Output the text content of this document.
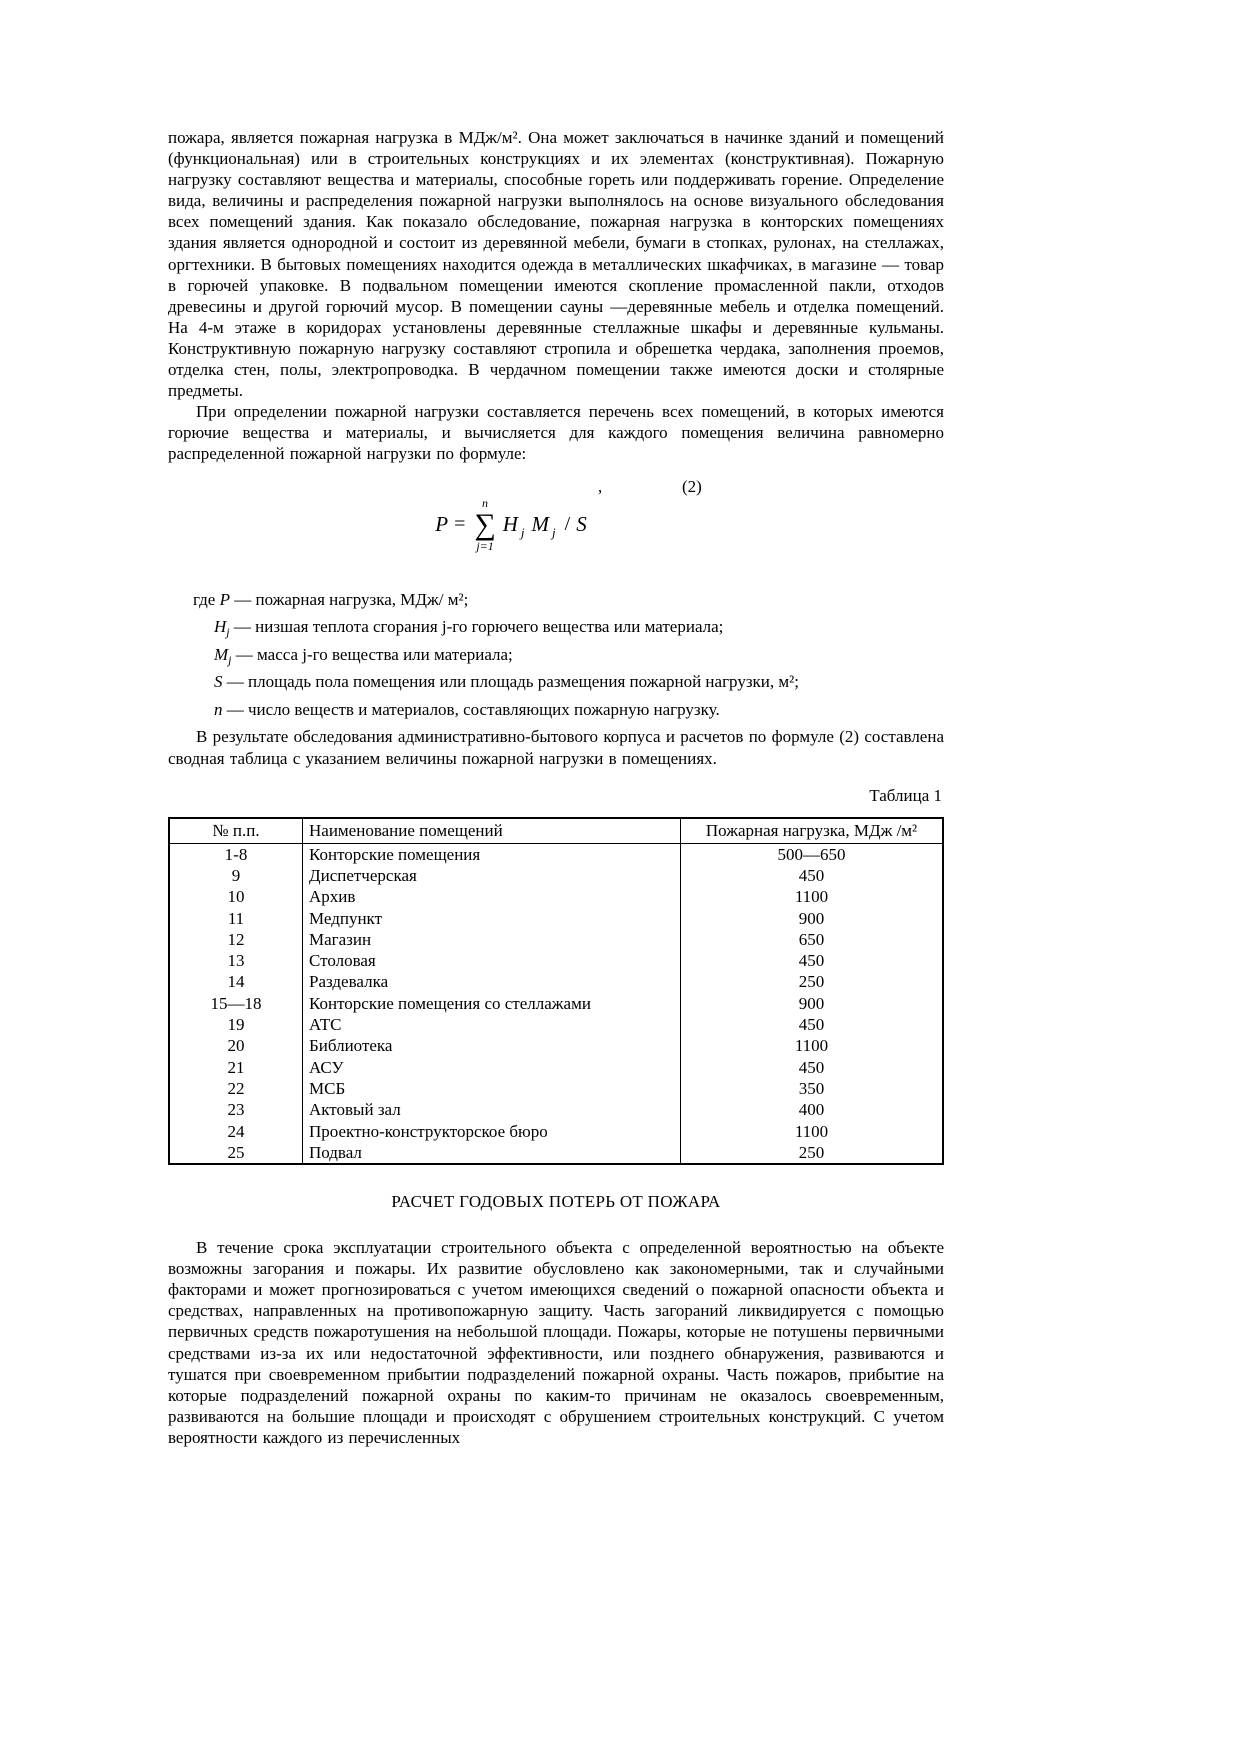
пожара, является пожарная нагрузка в МДж/м². Она может заключаться в начинке зданий и помещений (функциональная) или в строительных конструкциях и их элементах (конструктивная). Пожарную нагрузку составляют вещества и материалы, способные гореть или поддерживать горение. Определение вида, величины и распределения пожарной нагрузки выполнялось на основе визуального обследования всех помещений здания. Как показало обследование, пожарная нагрузка в конторских помещениях здания является однородной и состоит из деревянной мебели, бумаги в стопках, рулонах, на стеллажах, оргтехники. В бытовых помещениях находится одежда в металлических шкафчиках, в магазине — товар в горючей упаковке. В подвальном помещении имеются скопление промасленной пакли, отходов древесины и другой горючий мусор. В помещении сауны —деревянные мебель и отделка помещений. На 4-м этаже в коридорах установлены деревянные стеллажные шкафы и деревянные кульманы. Конструктивную пожарную нагрузку составляют стропила и обрешетка чердака, заполнения проемов, отделка стен, полы, электропроводка. В чердачном помещении также имеются доски и столярные предметы.

При определении пожарной нагрузки составляется перечень всех помещений, в которых имеются горючие вещества и материалы, и вычисляется для каждого помещения величина равномерно распределенной пожарной нагрузки по формуле:

,	(2)
P =
n
∑
j=1
H j M j / S

где P — пожарная нагрузка, МДж/ м²;

$H_j$ — низшая теплота сгорания j-го горючего вещества или материала;

$M_j$ — масса j-го вещества или материала;

S — площадь пола помещения или площадь размещения пожарной нагрузки, м²;

n — число веществ и материалов, составляющих пожарную нагрузку.

В результате обследования административно-бытового корпуса и расчетов по формуле (2) составлена сводная таблица с указанием величины пожарной нагрузки в помещениях.

Таблица 1

№ п.п.	Наименование помещений	Пожарная нагрузка, МДж /м²
1-8	Конторские помещения	500—650
9	Диспетчерская	450
10	Архив	1100
11	Медпункт	900
12	Магазин	650
13	Столовая	450
14	Раздевалка	250
15—18	Конторские помещения со стеллажами	900
19	АТС	450
20	Библиотека	1100
21	АСУ	450
22	МСБ	350
23	Актовый зал	400
24	Проектно-конструкторское бюро	1100
25	Подвал	250
РАСЧЕТ ГОДОВЫХ ПОТЕРЬ ОТ ПОЖАРА

В течение срока эксплуатации строительного объекта с определенной вероятностью на объекте возможны загорания и пожары. Их развитие обусловлено как закономерными, так и случайными факторами и может прогнозироваться с учетом имеющихся сведений о пожарной опасности объекта и средствах, направленных на противопожарную защиту. Часть загораний ликвидируется с помощью первичных средств пожаротушения на небольшой площади. Пожары, которые не потушены первичными средствами из-за их или недостаточной эффективности, или позднего обнаружения, развиваются и тушатся при своевременном прибытии подразделений пожарной охраны. Часть пожаров, прибытие на которые подразделений пожарной охраны по каким-то причинам не оказалось своевременным, развиваются на большие площади и происходят с обрушением строительных конструкций. С учетом вероятности каждого из перечисленных
